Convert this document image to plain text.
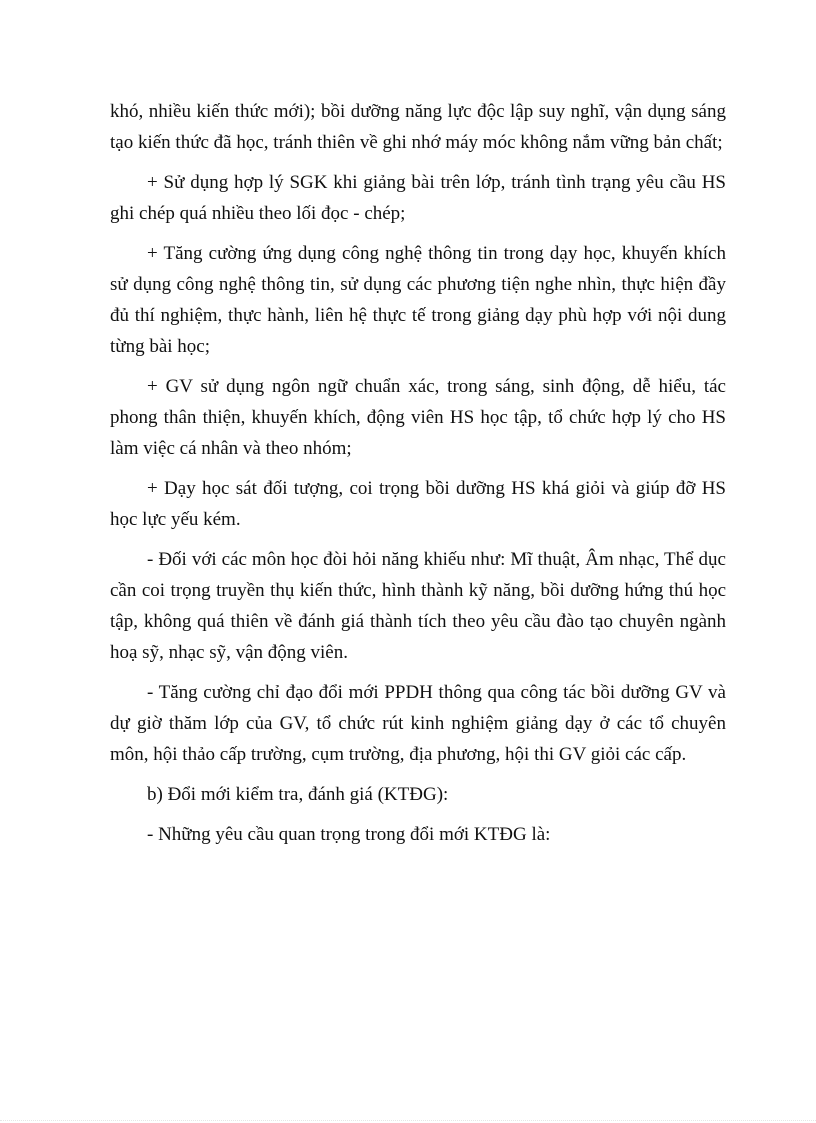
khó, nhiều kiến thức mới); bồi dưỡng năng lực độc lập suy nghĩ, vận dụng sáng tạo kiến thức đã học, tránh thiên về ghi nhớ máy móc không nắm vững bản chất;

+ Sử dụng hợp lý SGK khi giảng bài trên lớp, tránh tình trạng yêu cầu HS ghi chép quá nhiều theo lối đọc - chép;

+ Tăng cường ứng dụng công nghệ thông tin trong dạy học, khuyến khích sử dụng công nghệ thông tin, sử dụng các phương tiện nghe nhìn, thực hiện đầy đủ thí nghiệm, thực hành, liên hệ thực tế trong giảng dạy phù hợp với nội dung từng bài học;

+ GV sử dụng ngôn ngữ chuẩn xác, trong sáng, sinh động, dễ hiểu, tác phong thân thiện, khuyến khích, động viên HS học tập, tổ chức hợp lý cho HS làm việc cá nhân và theo nhóm;

+ Dạy học sát đối tượng, coi trọng bồi dưỡng HS khá giỏi và giúp đỡ HS học lực yếu kém.

- Đối với các môn học đòi hỏi năng khiếu như: Mĩ thuật, Âm nhạc, Thể dục cần coi trọng truyền thụ kiến thức, hình thành kỹ năng, bồi dưỡng hứng thú học tập, không quá thiên về đánh giá thành tích theo yêu cầu đào tạo chuyên ngành hoạ sỹ, nhạc sỹ, vận động viên.

- Tăng cường chỉ đạo đổi mới PPDH thông qua công tác bồi dưỡng GV và dự giờ thăm lớp của GV, tổ chức rút kinh nghiệm giảng dạy ở các tổ chuyên môn, hội thảo cấp trường, cụm trường, địa phương, hội thi GV giỏi các cấp.

b) Đổi mới kiểm tra, đánh giá (KTĐG):

- Những yêu cầu quan trọng trong đổi mới KTĐG là:
